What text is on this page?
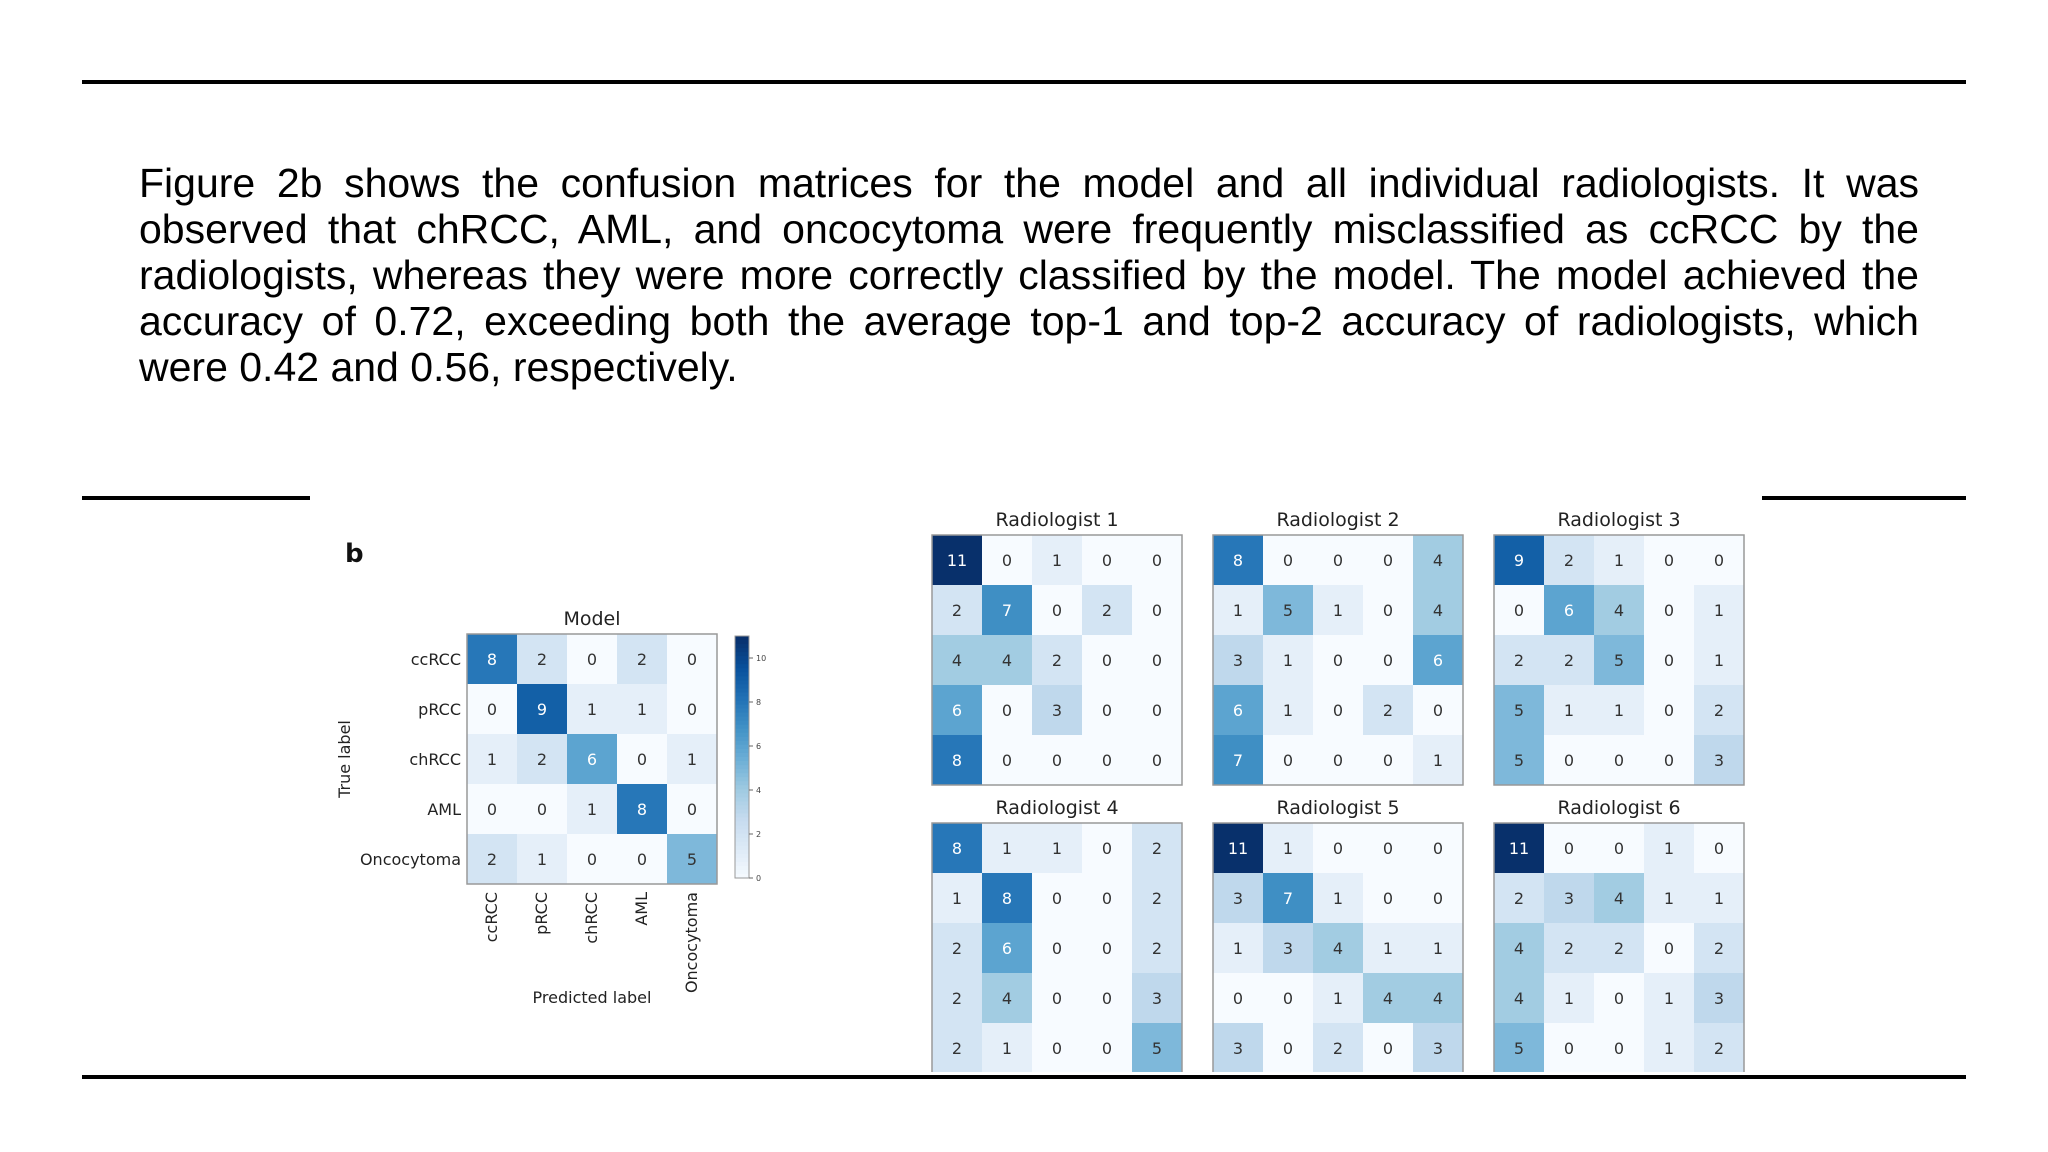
Figure 2b shows the confusion matrices for the model and all individual radiologists. It was observed that chRCC, AML, and oncocytoma were frequently misclassified as ccRCC by the radiologists, whereas they were more correctly classified by the model. The model achieved the accuracy of 0.72, exceeding both the average top-1 and top-2 accuracy of radiologists, which were 0.42 and 0.56, respectively.

b
8 2 0 2 0
0 9 1 1 0
1 2 6 0 1
0 0 1 8 0
2 1 0 0 5
Model
ccRCC
pRCC
chRCC
AML
Oncocytoma
ccRCC pRCC chRCC AML Oncocytoma
Predicted label
True label
0
2
4
6
8
10
11 0 1 0 0
2 7 0 2 0
4 4 2 0 0
6 0 3 0 0
8 0 0 0 0
Radiologist 1
8 0 0 0 4
1 5 1 0 4
3 1 0 0 6
6 1 0 2 0
7 0 0 0 1
Radiologist 2
9 2 1 0 0
0 6 4 0 1
2 2 5 0 1
5 1 1 0 2
5 0 0 0 3
Radiologist 3
8 1 1 0 2
1 8 0 0 2
2 6 0 0 2
2 4 0 0 3
2 1 0 0 5
Radiologist 4
11 1 0 0 0
3 7 1 0 0
1 3 4 1 1
0 0 1 4 4
3 0 2 0 3
Radiologist 5
11 0 0 1 0
2 3 4 1 1
4 2 2 0 2
4 1 0 1 3
5 0 0 1 2
Radiologist 6
